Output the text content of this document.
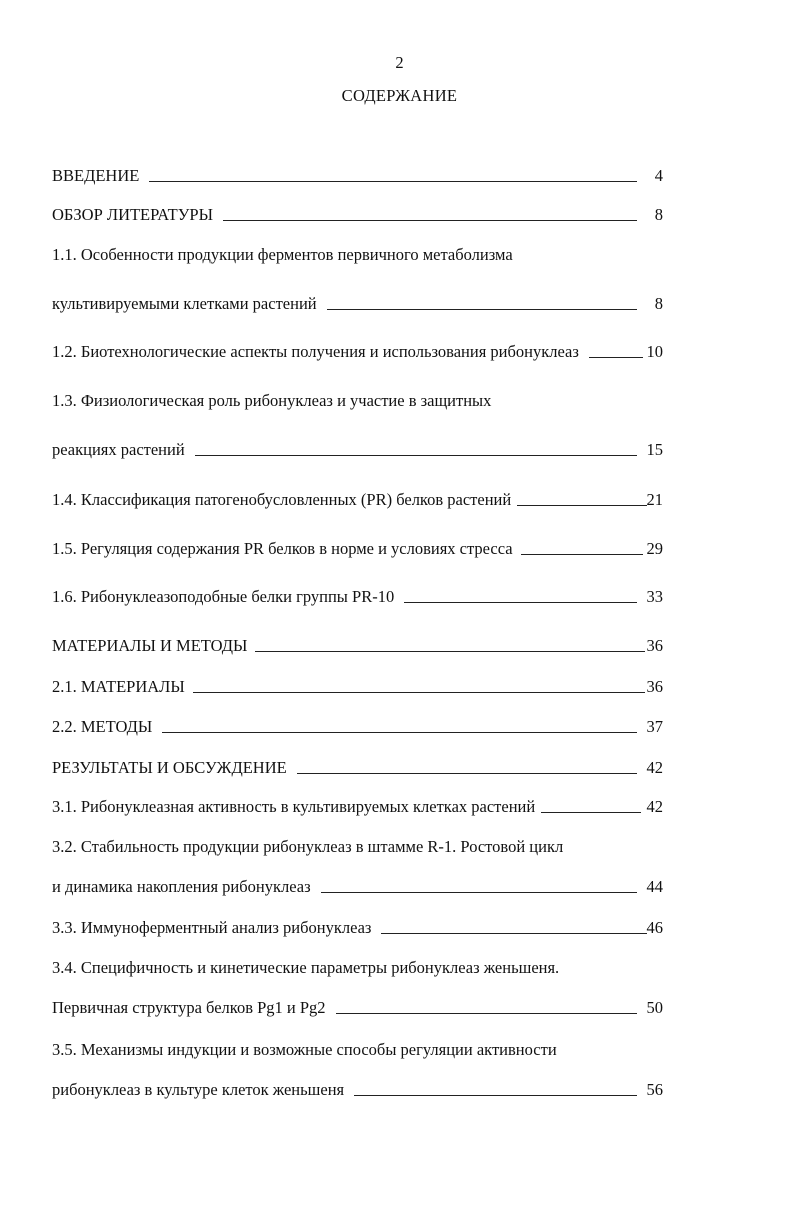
2
СОДЕРЖАНИЕ
ВВЕДЕНИЕ	4
ОБЗОР ЛИТЕРАТУРЫ	8
1.1. Особенности продукции ферментов первичного метаболизма
культивируемыми клетками растений	8
1.2. Биотехнологические аспекты получения и использования рибонуклеаз	10
1.3. Физиологическая роль рибонуклеаз и участие в защитных
реакциях растений	15
1.4. Классификация патогенобусловленных (PR) белков растений	21
1.5. Регуляция содержания PR белков в норме и условиях стресса	29
1.6. Рибонуклеазоподобные белки группы PR-10	33
МАТЕРИАЛЫ И МЕТОДЫ	36
2.1. МАТЕРИАЛЫ	36
2.2. МЕТОДЫ	37
РЕЗУЛЬТАТЫ И ОБСУЖДЕНИЕ	42
3.1. Рибонуклеазная активность в культивируемых клетках растений	42
3.2. Стабильность продукции рибонуклеаз в штамме R-1. Ростовой цикл
и динамика накопления рибонуклеаз	44
3.3. Иммуноферментный анализ рибонуклеаз	46
3.4. Специфичность и кинетические параметры рибонуклеаз женьшеня.
Первичная структура белков Pg1 и Pg2	50
3.5. Механизмы индукции и возможные способы регуляции активности
рибонуклеаз в культуре клеток женьшеня	56
